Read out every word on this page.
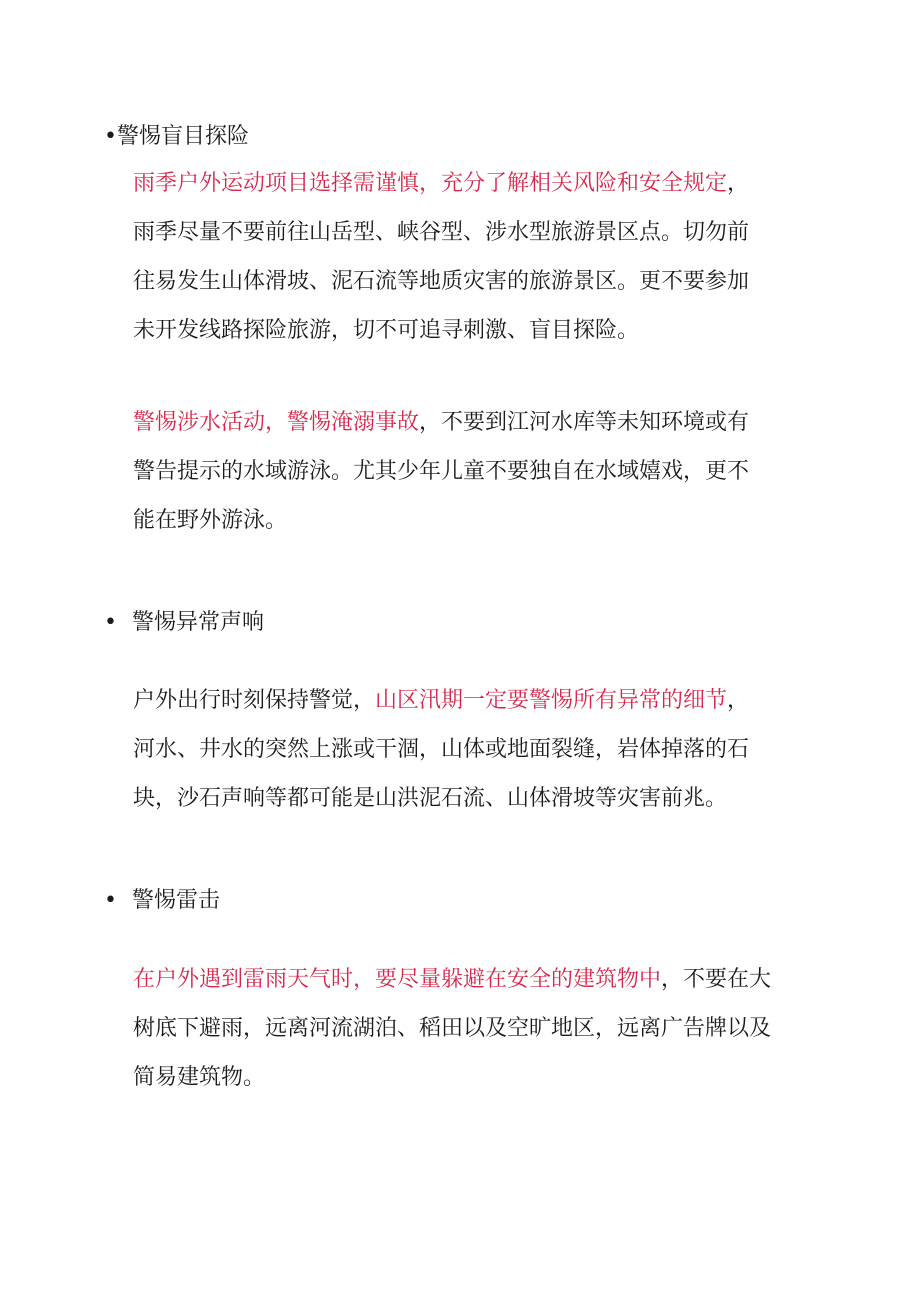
•警惕盲目探险
雨季户外运动项目选择需谨慎，充分了解相关风险和安全规定，
雨季尽量不要前往山岳型、峡谷型、涉水型旅游景区点。切勿前
往易发生山体滑坡、泥石流等地质灾害的旅游景区。更不要参加
未开发线路探险旅游，切不可追寻刺激、盲目探险。
警惕涉水活动，警惕淹溺事故，不要到江河水库等未知环境或有
警告提示的水域游泳。尤其少年儿童不要独自在水域嬉戏，更不
能在野外游泳。
• 警惕异常声响
户外出行时刻保持警觉，山区汛期一定要警惕所有异常的细节，
河水、井水的突然上涨或干涸，山体或地面裂缝，岩体掉落的石
块，沙石声响等都可能是山洪泥石流、山体滑坡等灾害前兆。
• 警惕雷击
在户外遇到雷雨天气时，要尽量躲避在安全的建筑物中，不要在大
树底下避雨，远离河流湖泊、稻田以及空旷地区，远离广告牌以及
简易建筑物。
